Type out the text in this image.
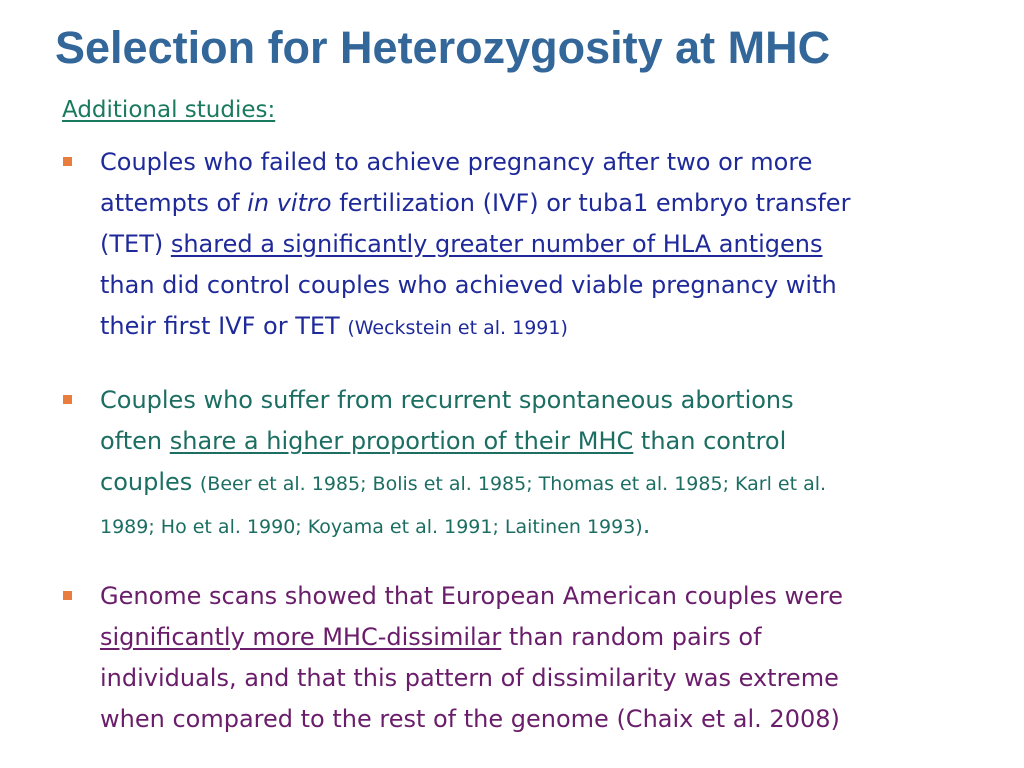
Selection for Heterozygosity at MHC
Additional studies:
Couples who failed to achieve pregnancy after two or more
attempts of in vitro fertilization (IVF) or tuba1 embryo transfer
(TET) shared a significantly greater number of HLA antigens
than did control couples who achieved viable pregnancy with
their first IVF or TET (Weckstein et al. 1991)
Couples who suffer from recurrent spontaneous abortions
often share a higher proportion of their MHC than control
couples (Beer et al. 1985; Bolis et al. 1985; Thomas et al. 1985; Karl et al.
1989; Ho et al. 1990; Koyama et al. 1991; Laitinen 1993).
Genome scans showed that European American couples were
significantly more MHC-dissimilar than random pairs of
individuals, and that this pattern of dissimilarity was extreme
when compared to the rest of the genome (Chaix et al. 2008)
